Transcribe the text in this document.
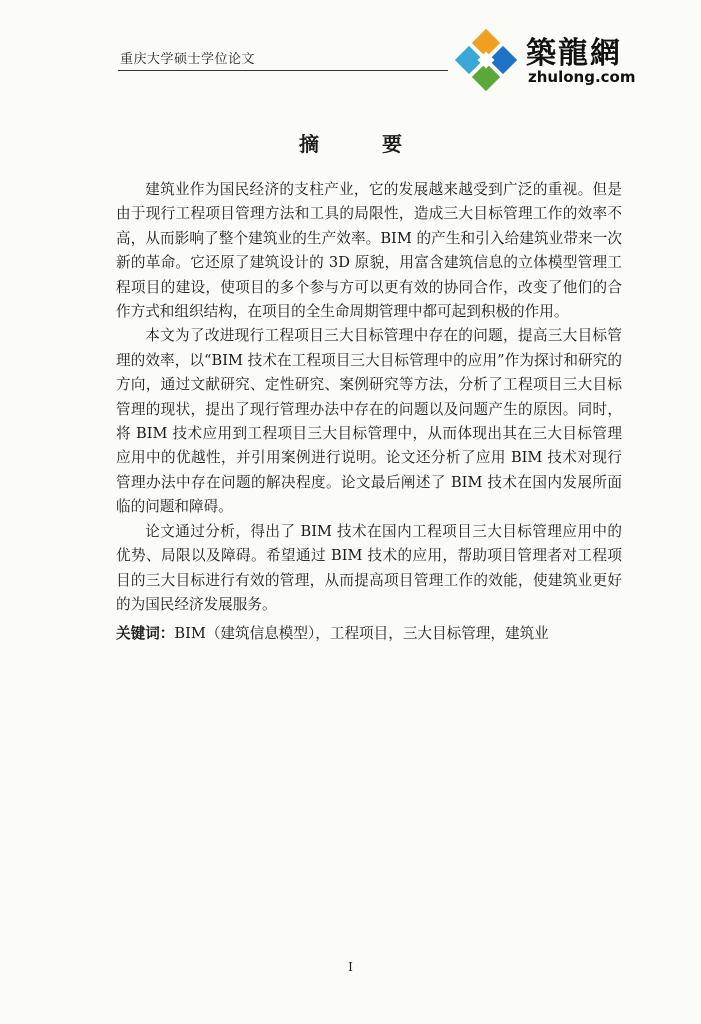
重庆大学硕士学位论文	築龍網
zhulong.com
摘 要

建筑业作为国民经济的支柱产业，它的发展越来越受到广泛的重视。但是由于现行工程项目管理方法和工具的局限性，造成三大目标管理工作的效率不高，从而影响了整个建筑业的生产效率。BIM 的产生和引入给建筑业带来一次新的革命。它还原了建筑设计的 3D 原貌，用富含建筑信息的立体模型管理工程项目的建设，使项目的多个参与方可以更有效的协同合作，改变了他们的合作方式和组织结构，在项目的全生命周期管理中都可起到积极的作用。

本文为了改进现行工程项目三大目标管理中存在的问题，提高三大目标管理的效率，以“BIM 技术在工程项目三大目标管理中的应用”作为探讨和研究的方向，通过文献研究、定性研究、案例研究等方法，分析了工程项目三大目标管理的现状，提出了现行管理办法中存在的问题以及问题产生的原因。同时，将 BIM 技术应用到工程项目三大目标管理中，从而体现出其在三大目标管理应用中的优越性，并引用案例进行说明。论文还分析了应用 BIM 技术对现行管理办法中存在问题的解决程度。论文最后阐述了 BIM 技术在国内发展所面临的问题和障碍。

论文通过分析，得出了 BIM 技术在国内工程项目三大目标管理应用中的优势、局限以及障碍。希望通过 BIM 技术的应用，帮助项目管理者对工程项目的三大目标进行有效的管理，从而提高项目管理工作的效能，使建筑业更好的为国民经济发展服务。

关键词：BIM（建筑信息模型），工程项目，三大目标管理，建筑业
I
